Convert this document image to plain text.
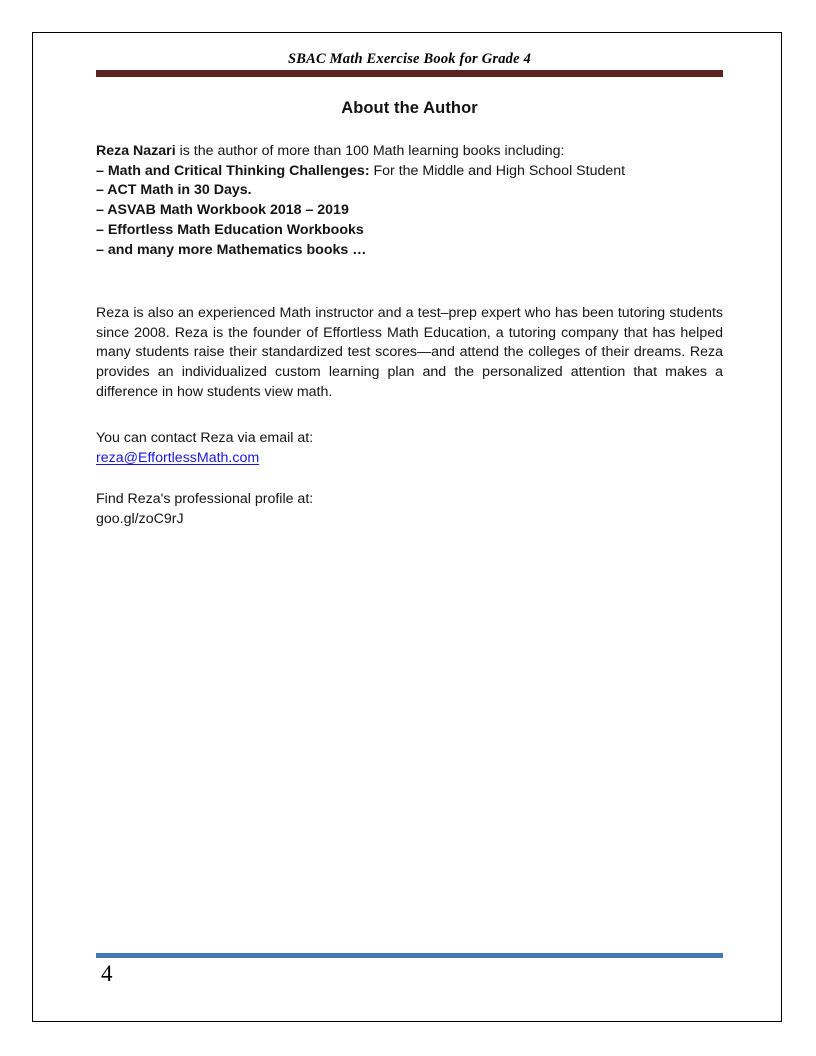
SBAC Math Exercise Book for Grade 4
About the Author
Reza Nazari is the author of more than 100 Math learning books including:
– Math and Critical Thinking Challenges: For the Middle and High School Student
– ACT Math in 30 Days.
– ASVAB Math Workbook 2018 – 2019
– Effortless Math Education Workbooks
– and many more Mathematics books …

Reza is also an experienced Math instructor and a test–prep expert who has been tutoring students since 2008. Reza is the founder of Effortless Math Education, a tutoring company that has helped many students raise their standardized test scores—and attend the colleges of their dreams. Reza provides an individualized custom learning plan and the personalized attention that makes a difference in how students view math.

You can contact Reza via email at:
reza@EffortlessMath.com
Find Reza's professional profile at:
goo.gl/zoC9rJ
4
